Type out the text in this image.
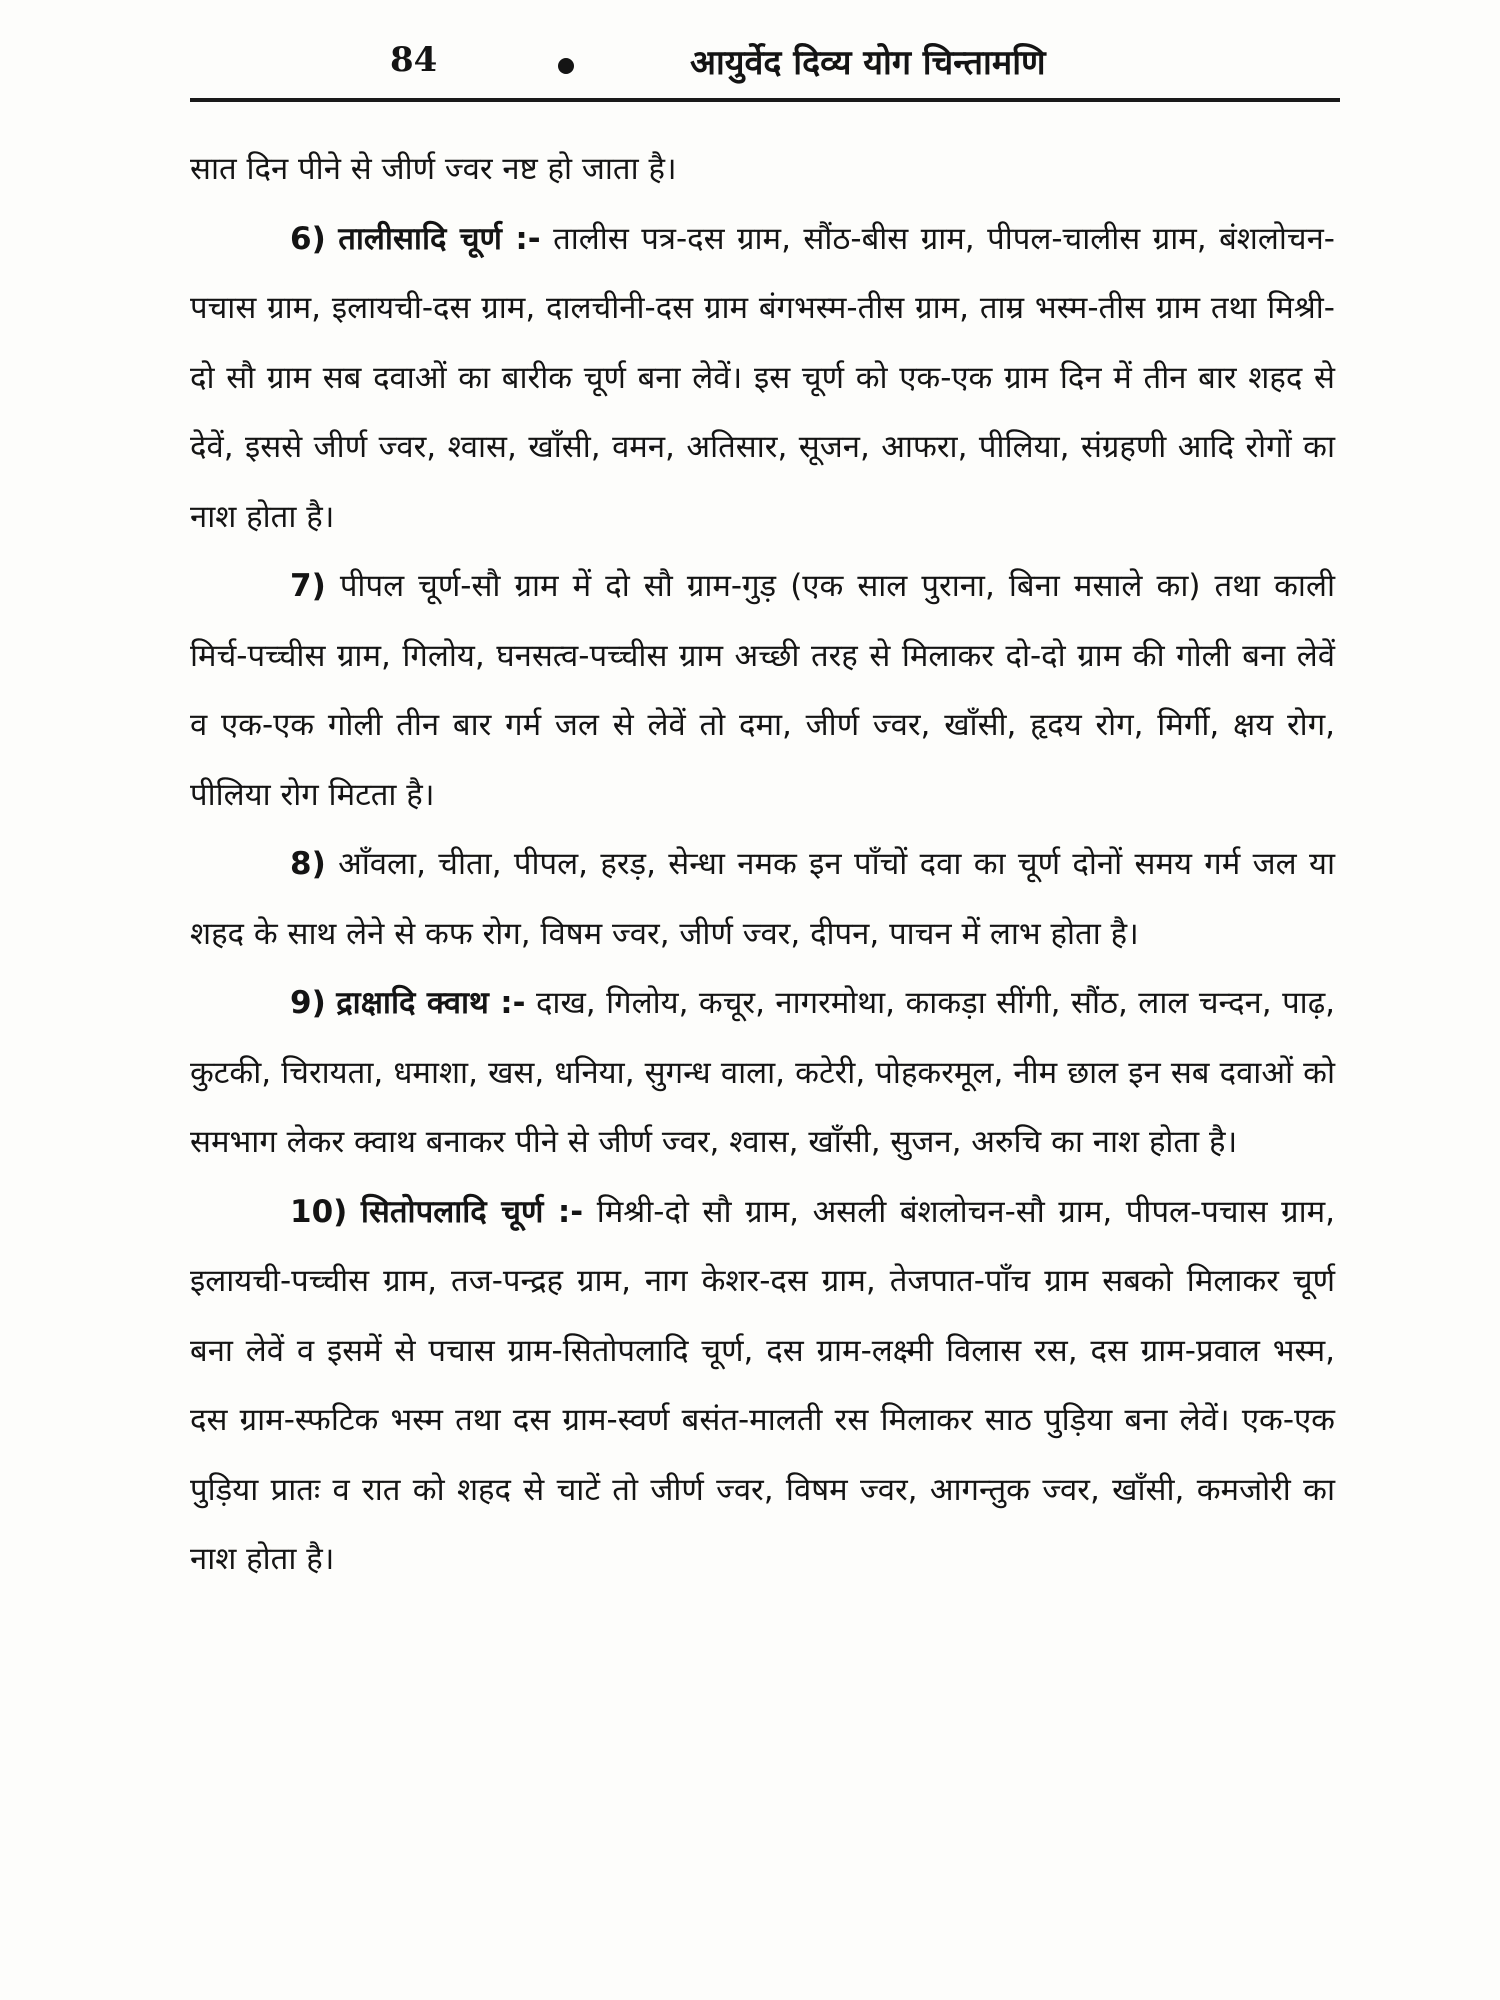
84	आयुर्वेद दिव्य योग चिन्तामणि

सात दिन पीने से जीर्ण ज्वर नष्ट हो जाता है।

6) तालीसादि चूर्ण :- तालीस पत्र-दस ग्राम, सौंठ-बीस ग्राम, पीपल-चालीस ग्राम, बंशलोचन-पचास ग्राम, इलायची-दस ग्राम, दालचीनी-दस ग्राम बंगभस्म-तीस ग्राम, ताम्र भस्म-तीस ग्राम तथा मिश्री-दो सौ ग्राम सब दवाओं का बारीक चूर्ण बना लेवें। इस चूर्ण को एक-एक ग्राम दिन में तीन बार शहद से देवें, इससे जीर्ण ज्वर, श्वास, खाँसी, वमन, अतिसार, सूजन, आफरा, पीलिया, संग्रहणी आदि रोगों का नाश होता है।

7) पीपल चूर्ण-सौ ग्राम में दो सौ ग्राम-गुड़ (एक साल पुराना, बिना मसाले का) तथा काली मिर्च-पच्चीस ग्राम, गिलोय, घनसत्व-पच्चीस ग्राम अच्छी तरह से मिलाकर दो-दो ग्राम की गोली बना लेवें व एक-एक गोली तीन बार गर्म जल से लेवें तो दमा, जीर्ण ज्वर, खाँसी, हृदय रोग, मिर्गी, क्षय रोग, पीलिया रोग मिटता है।

8) आँवला, चीता, पीपल, हरड़, सेन्धा नमक इन पाँचों दवा का चूर्ण दोनों समय गर्म जल या शहद के साथ लेने से कफ रोग, विषम ज्वर, जीर्ण ज्वर, दीपन, पाचन में लाभ होता है।

9) द्राक्षादि क्वाथ :- दाख, गिलोय, कचूर, नागरमोथा, काकड़ा सींगी, सौंठ, लाल चन्दन, पाढ़, कुटकी, चिरायता, धमाशा, खस, धनिया, सुगन्ध वाला, कटेरी, पोहकरमूल, नीम छाल इन सब दवाओं को समभाग लेकर क्वाथ बनाकर पीने से जीर्ण ज्वर, श्वास, खाँसी, सुजन, अरुचि का नाश होता है।

10) सितोपलादि चूर्ण :- मिश्री-दो सौ ग्राम, असली बंशलोचन-सौ ग्राम, पीपल-पचास ग्राम, इलायची-पच्चीस ग्राम, तज-पन्द्रह ग्राम, नाग केशर-दस ग्राम, तेजपात-पाँच ग्राम सबको मिलाकर चूर्ण बना लेवें व इसमें से पचास ग्राम-सितोपलादि चूर्ण, दस ग्राम-लक्ष्मी विलास रस, दस ग्राम-प्रवाल भस्म, दस ग्राम-स्फटिक भस्म तथा दस ग्राम-स्वर्ण बसंत-मालती रस मिलाकर साठ पुड़िया बना लेवें। एक-एक पुड़िया प्रातः व रात को शहद से चाटें तो जीर्ण ज्वर, विषम ज्वर, आगन्तुक ज्वर, खाँसी, कमजोरी का नाश होता है।
